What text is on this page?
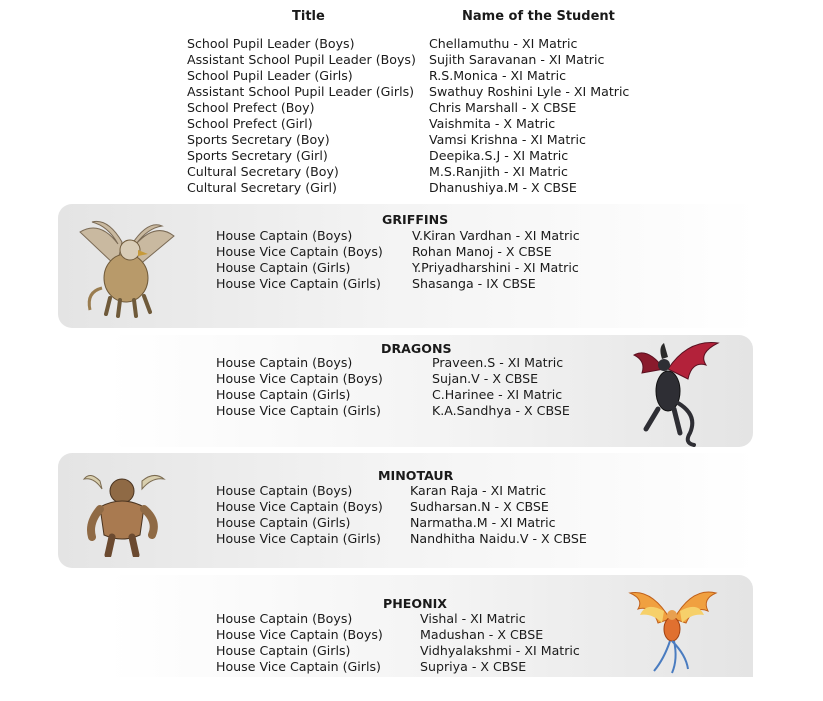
Title	Name of the Student
School Pupil Leader (Boys)	Chellamuthu - XI Matric
Assistant School Pupil Leader (Boys) Sujith Saravanan - XI Matric
School Pupil Leader (Girls)	R.S.Monica - XI Matric
Assistant School Pupil Leader (Girls) Swathuy Roshini Lyle - XI Matric
School Prefect (Boy)	Chris Marshall - X CBSE
School Prefect (Girl)	Vaishmita - X Matric
Sports Secretary (Boy)	Vamsi Krishna - XI Matric
Sports Secretary (Girl)	Deepika.S.J - XI Matric
Cultural Secretary (Boy)	M.S.Ranjith - XI Matric
Cultural Secretary (Girl)	Dhanushiya.M - X CBSE
GRIFFINS
House Captain (Boys)	V.Kiran Vardhan - XI Matric
House Vice Captain (Boys) Rohan Manoj - X CBSE
House Captain (Girls)	Y.Priyadharshini - XI Matric
House Vice Captain (Girls) Shasanga - IX CBSE
DRAGONS
House Captain (Boys)	Praveen.S - XI Matric
House Vice Captain (Boys)	Sujan.V - X CBSE
House Captain (Girls)	C.Harinee - XI Matric
House Vice Captain (Girls)	K.A.Sandhya - X CBSE
MINOTAUR
House Captain (Boys)	Karan Raja - XI Matric
House Vice Captain (Boys) Sudharsan.N - X CBSE
House Captain (Girls)	Narmatha.M - XI Matric
House Vice Captain (Girls) Nandhitha Naidu.V - X CBSE
PHEONIX
House Captain (Boys)	Vishal - XI Matric
House Vice Captain (Boys)	Madushan - X CBSE
House Captain (Girls)	Vidhyalakshmi - XI Matric
House Vice Captain (Girls)	Supriya - X CBSE
